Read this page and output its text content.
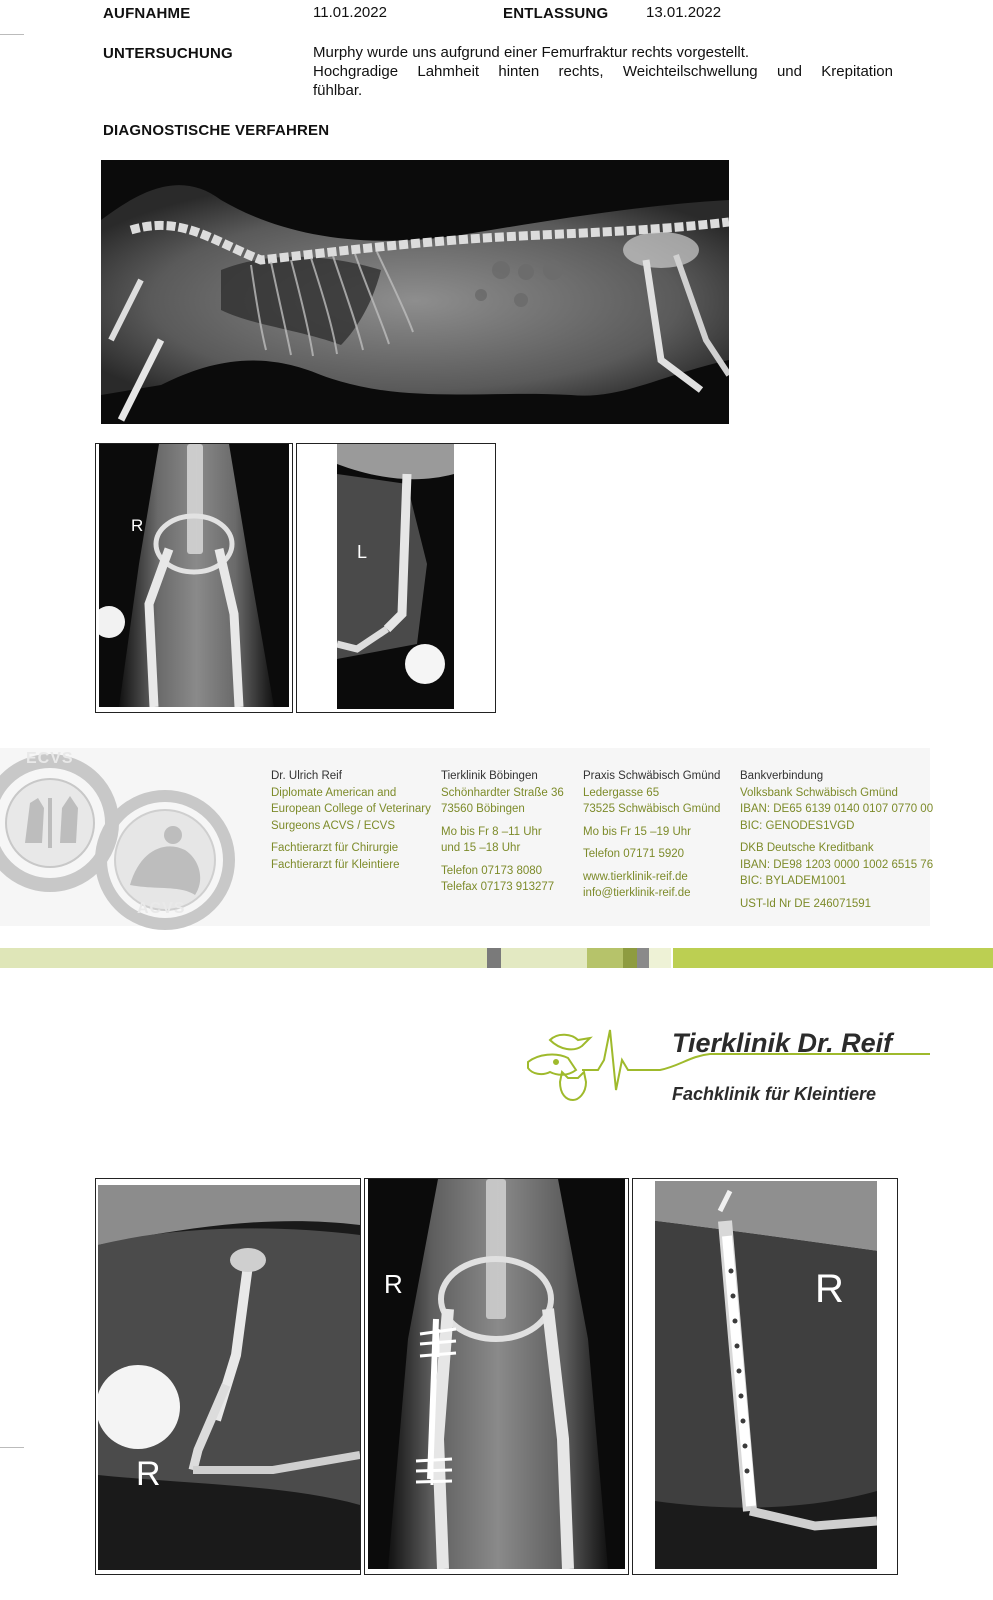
AUFNAHME	11.01.2022	ENTLASSUNG	13.01.2022
UNTERSUCHUNG	Murphy wurde uns aufgrund einer Femurfraktur rechts vorgestellt.
Hochgradige Lahmheit hinten rechts, Weichteilschwellung und Krepitation
fühlbar.
DIAGNOSTISCHE VERFAHREN
R
L
ECVS
ACVS
Dr. Ulrich Reif
Diplomate American and
European College of Veterinary
Surgeons ACVS / ECVS
Fachtierarzt für Chirurgie
Fachtierarzt für Kleintiere
Tierklinik Böbingen
Schönhardter Straße 36
73560 Böbingen
Mo bis Fr 8 –11 Uhr
und 15 –18 Uhr
Telefon 07173 8080
Telefax 07173 913277
Praxis Schwäbisch Gmünd
Ledergasse 65
73525 Schwäbisch Gmünd
Mo bis Fr 15 –19 Uhr
Telefon 07171 5920
www.tierklinik-reif.de
info@tierklinik-reif.de
Bankverbindung
Volksbank Schwäbisch Gmünd
IBAN: DE65 6139 0140 0107 0770 00
BIC: GENODES1VGD
DKB Deutsche Kreditbank
IBAN: DE98 1203 0000 1002 6515 76
BIC: BYLADEM1001
UST-Id Nr DE 246071591
Tierklinik Dr. Reif
Fachklinik für Kleintiere
R
R	R
